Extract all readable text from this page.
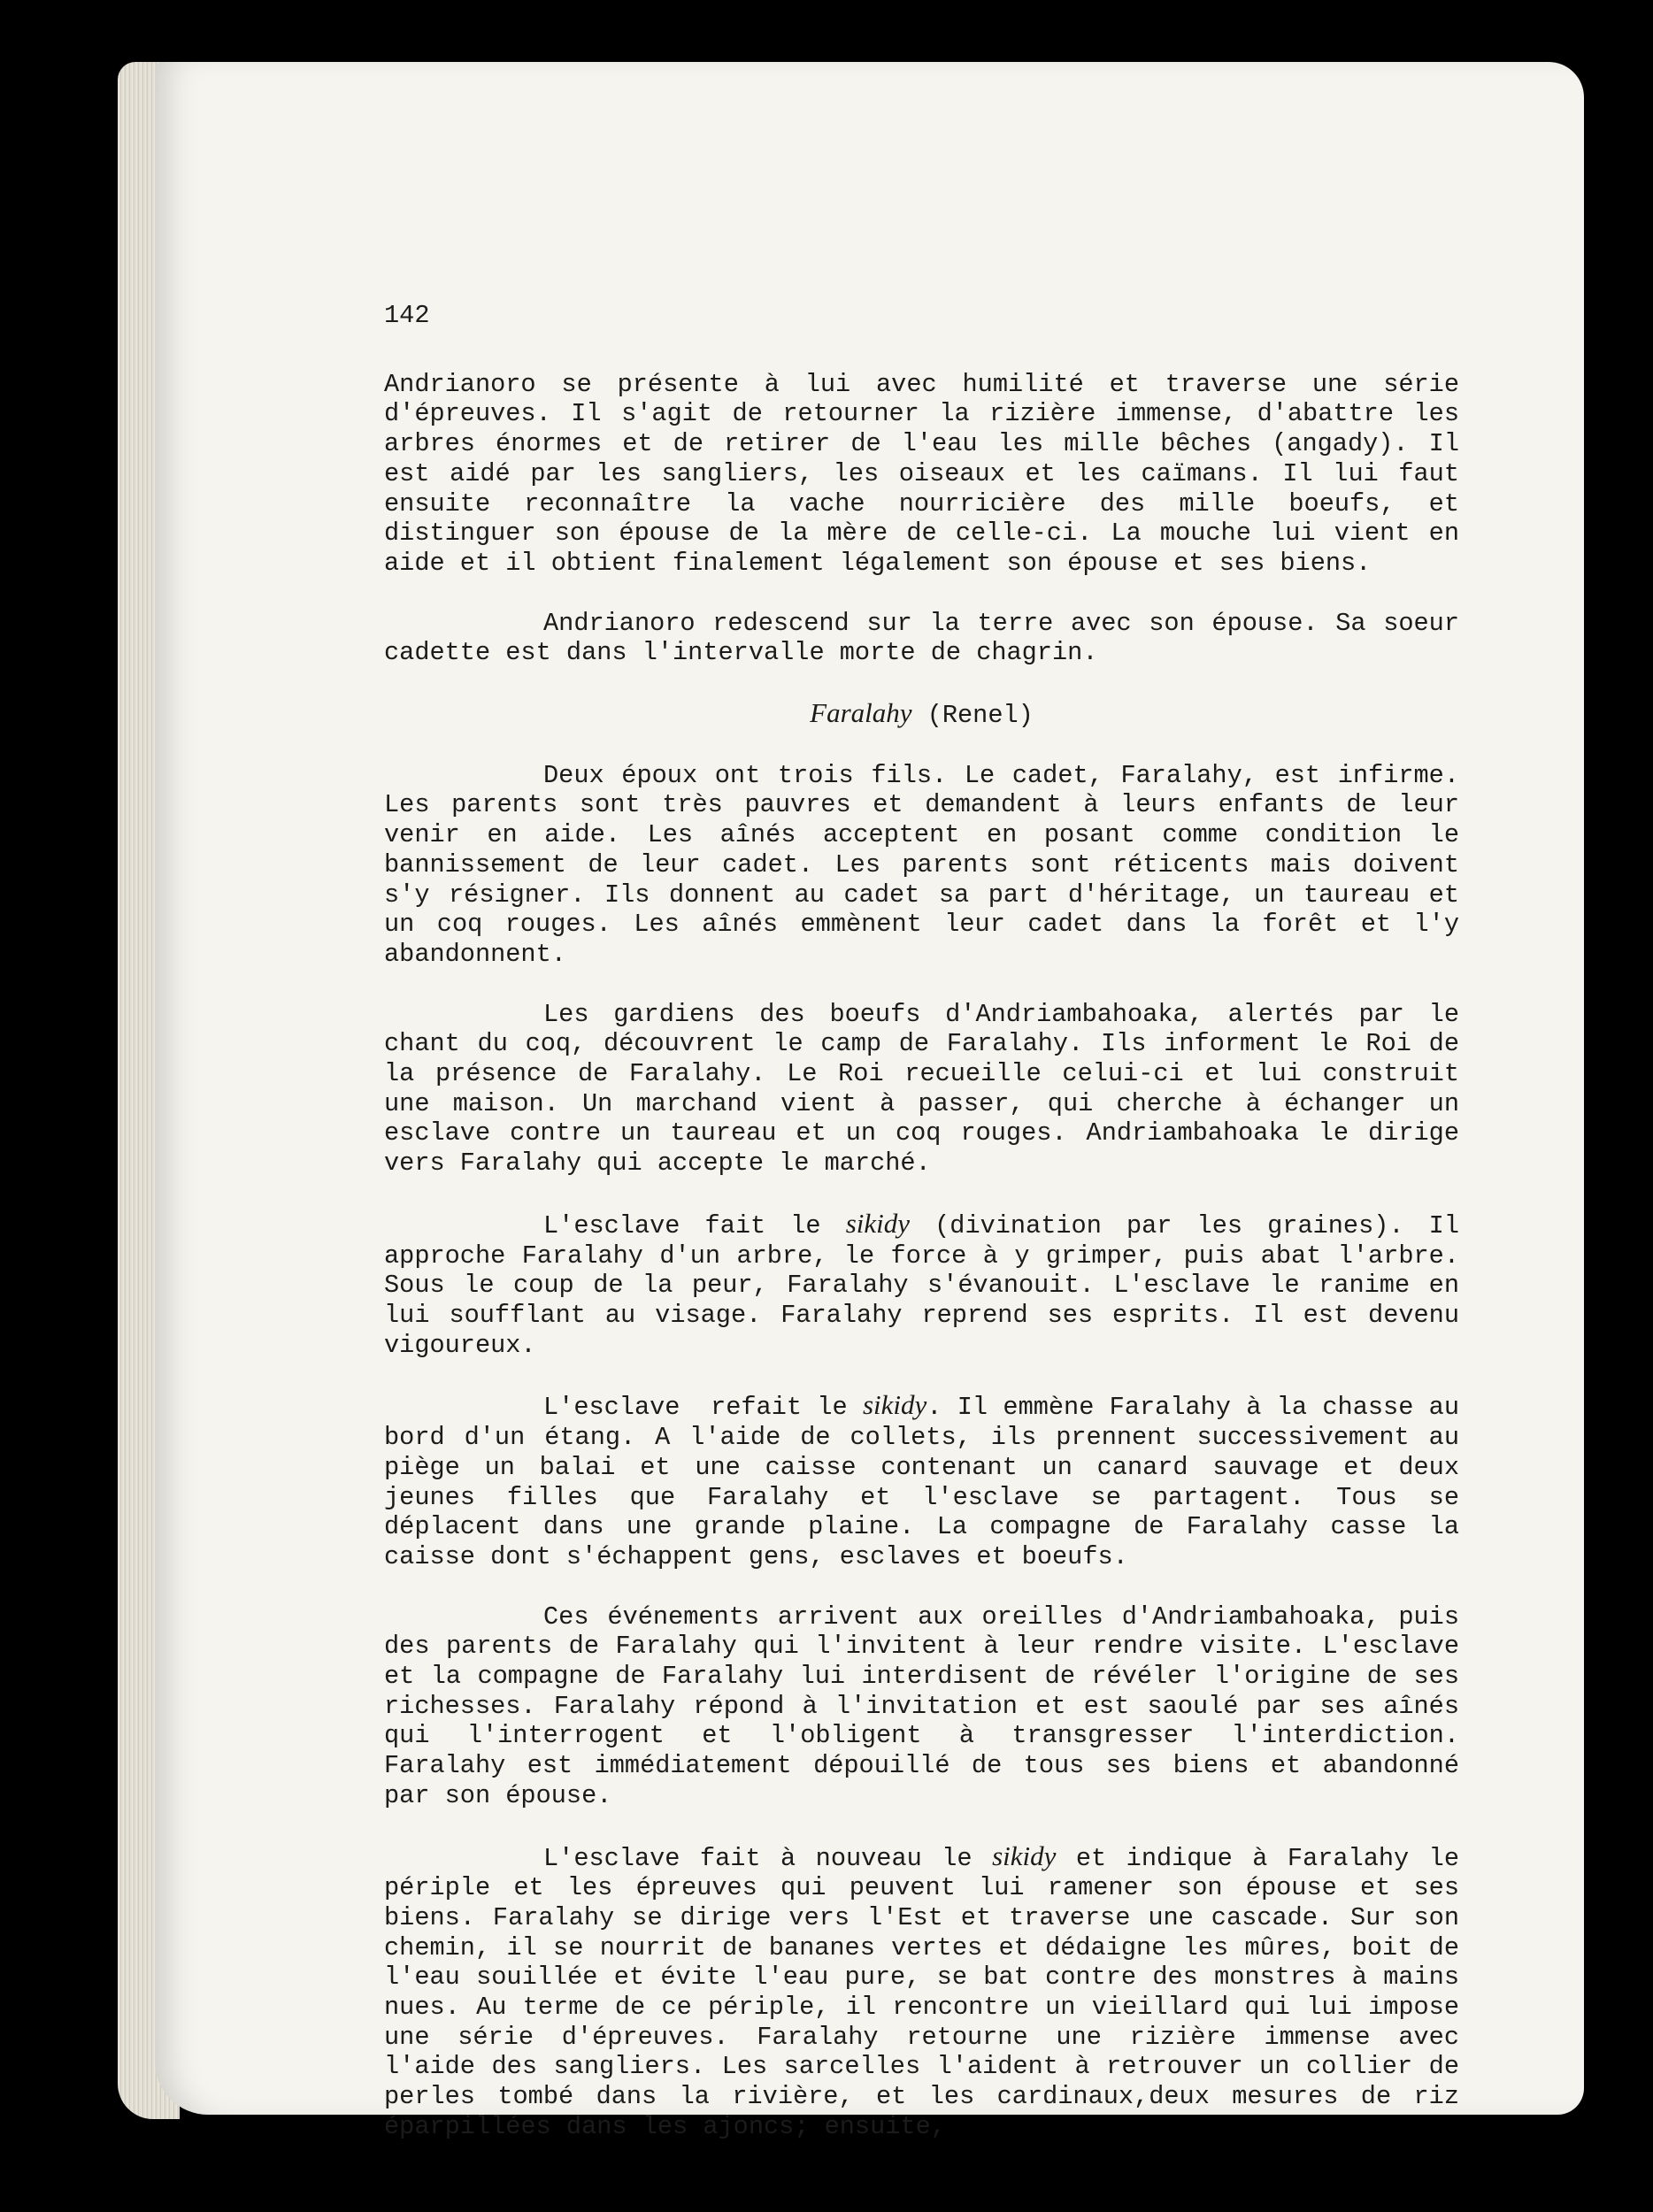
142

Andrianoro se présente à lui avec humilité et traverse une série d'épreuves. Il s'agit de retourner la rizière immense, d'abattre les arbres énormes et de retirer de l'eau les mille bêches (angady). Il est aidé par les sangliers, les oiseaux et les caïmans. Il lui faut ensuite reconnaître la vache nourricière des mille boeufs, et distinguer son épouse de la mère de celle-ci. La mouche lui vient en aide et il obtient finalement légalement son épouse et ses biens.

Andrianoro redescend sur la terre avec son épouse. Sa soeur cadette est dans l'intervalle morte de chagrin.

Faralahy (Renel)

Deux époux ont trois fils. Le cadet, Faralahy, est infirme. Les parents sont très pauvres et demandent à leurs enfants de leur venir en aide. Les aînés acceptent en posant comme condition le bannissement de leur cadet. Les parents sont réticents mais doivent s'y résigner. Ils donnent au cadet sa part d'héritage, un taureau et un coq rouges. Les aînés emmènent leur cadet dans la forêt et l'y abandonnent.

Les gardiens des boeufs d'Andriambahoaka, alertés par le chant du coq, découvrent le camp de Faralahy. Ils informent le Roi de la présence de Faralahy. Le Roi recueille celui-ci et lui construit une maison. Un marchand vient à passer, qui cherche à échanger un esclave contre un taureau et un coq rouges. Andriambahoaka le dirige vers Faralahy qui accepte le marché.

L'esclave fait le sikidy (divination par les graines). Il approche Faralahy d'un arbre, le force à y grimper, puis abat l'arbre. Sous le coup de la peur, Faralahy s'évanouit. L'esclave le ranime en lui soufflant au visage. Faralahy reprend ses esprits. Il est devenu vigoureux.

L'esclave  refait le sikidy. Il emmène Faralahy à la chasse au bord d'un étang. A l'aide de collets, ils prennent successivement au piège un balai et une caisse contenant un canard sauvage et deux jeunes filles que Faralahy et l'esclave se partagent. Tous se déplacent dans une grande plaine. La compagne de Faralahy casse la caisse dont s'échappent gens, esclaves et boeufs.

Ces événements arrivent aux oreilles d'Andriambahoaka, puis des parents de Faralahy qui l'invitent à leur rendre visite. L'esclave et la compagne de Faralahy lui interdisent de révéler l'origine de ses richesses. Faralahy répond à l'invitation et est saoulé par ses aînés qui l'interrogent et l'obligent à transgresser l'interdiction. Faralahy est immédiatement dépouillé de tous ses biens et abandonné par son épouse.

L'esclave fait à nouveau le sikidy et indique à Faralahy le périple et les épreuves qui peuvent lui ramener son épouse et ses biens. Faralahy se dirige vers l'Est et traverse une cascade. Sur son chemin, il se nourrit de bananes vertes et dédaigne les mûres, boit de l'eau souillée et évite l'eau pure, se bat contre des monstres à mains nues. Au terme de ce périple, il rencontre un vieillard qui lui impose une série d'épreuves. Faralahy retourne une rizière immense avec l'aide des sangliers. Les sarcelles l'aident à retrouver un collier de perles tombé dans la rivière, et les cardinaux,deux mesures de riz éparpillées dans les ajoncs; ensuite,
